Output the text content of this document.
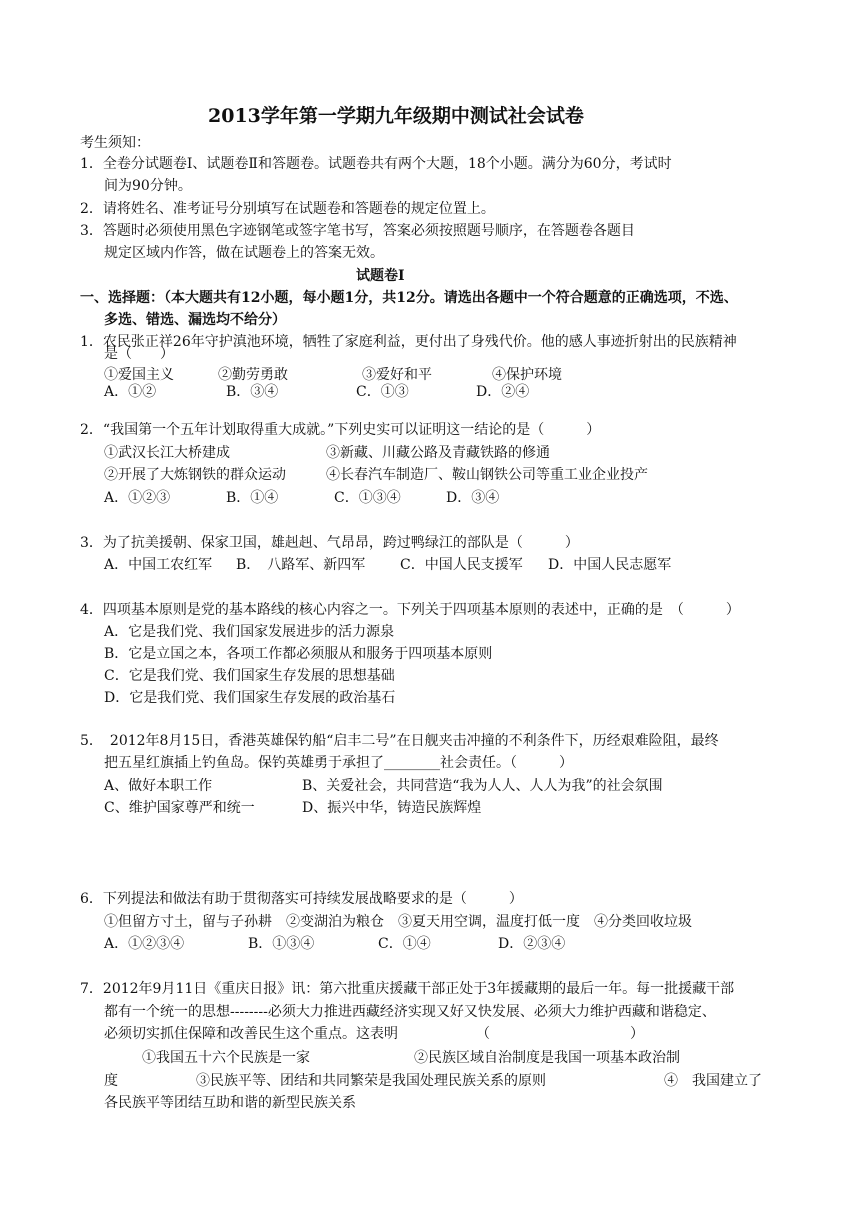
2013学年第一学期九年级期中测试社会试卷
考生须知：
1．全卷分试题卷Ⅰ、试题卷Ⅱ和答题卷。试题卷共有两个大题，18个小题。满分为60分，考试时
间为90分钟。
2．请将姓名、准考证号分别填写在试题卷和答题卷的规定位置上。
3．答题时必须使用黑色字迹钢笔或签字笔书写，答案必须按照题号顺序，在答题卷各题目
规定区域内作答，做在试题卷上的答案无效。
试题卷Ⅰ
一、选择题：（本大题共有12小题，每小题1分，共12分。请选出各题中一个符合题意的正确选项，不选、
多选、错选、漏选均不给分）
1．农民张正祥26年守护滇池环境，牺牲了家庭利益，更付出了身残代价。他的感人事迹折射出的民族精神
是（　　）
①爱国主义	②勤劳勇敢	③爱好和平	④保护环境
A．①②	B．③④	C．①③	D．②④
2．“我国第一个五年计划取得重大成就。”下列史实可以证明这一结论的是（　　　）
①武汉长江大桥建成	③新藏、川藏公路及青藏铁路的修通
②开展了大炼钢铁的群众运动	④长春汽车制造厂、鞍山钢铁公司等重工业企业投产
A．①②③	B．①④	C．①③④	D．③④
3．为了抗美援朝、保家卫国，雄赳赳、气昂昂，跨过鸭绿江的部队是（　　　）
A．中国工农红军 B．　八路军、新四军 C．中国人民支援军 D．中国人民志愿军
4．四项基本原则是党的基本路线的核心内容之一。下列关于四项基本原则的表述中，正确的是　（　　　）
A．它是我们党、我们国家发展进步的活力源泉
B．它是立国之本，各项工作都必须服从和服务于四项基本原则
C．它是我们党、我们国家生存发展的思想基础
D．它是我们党、我们国家生存发展的政治基石
5．　2012年8月15日，香港英雄保钓船“启丰二号”在日舰夹击冲撞的不利条件下，历经艰难险阻，最终
把五星红旗插上钓鱼岛。保钓英雄勇于承担了________社会责任。（　　　）
A、做好本职工作	B、关爱社会，共同营造“我为人人、人人为我”的社会氛围
C、维护国家尊严和统一	D、振兴中华，铸造民族辉煌
6．下列提法和做法有助于贯彻落实可持续发展战略要求的是（　　　）
①但留方寸土，留与子孙耕　②变湖泊为粮仓　③夏天用空调，温度打低一度　④分类回收垃圾
A．①②③④	B．①③④	C．①④	D．②③④
7．2012年9月11日《重庆日报》讯：第六批重庆援藏干部正处于3年援藏期的最后一年。每一批援藏干部
都有一个统一的思想--------必须大力推进西藏经济实现又好又快发展、必须大力维护西藏和谐稳定、
必须切实抓住保障和改善民生这个重点。这表明	（　　　　　　　　　　）
①我国五十六个民族是一家	②民族区域自治制度是我国一项基本政治制
度	③民族平等、团结和共同繁荣是我国处理民族关系的原则	④　我国建立了
各民族平等团结互助和谐的新型民族关系
